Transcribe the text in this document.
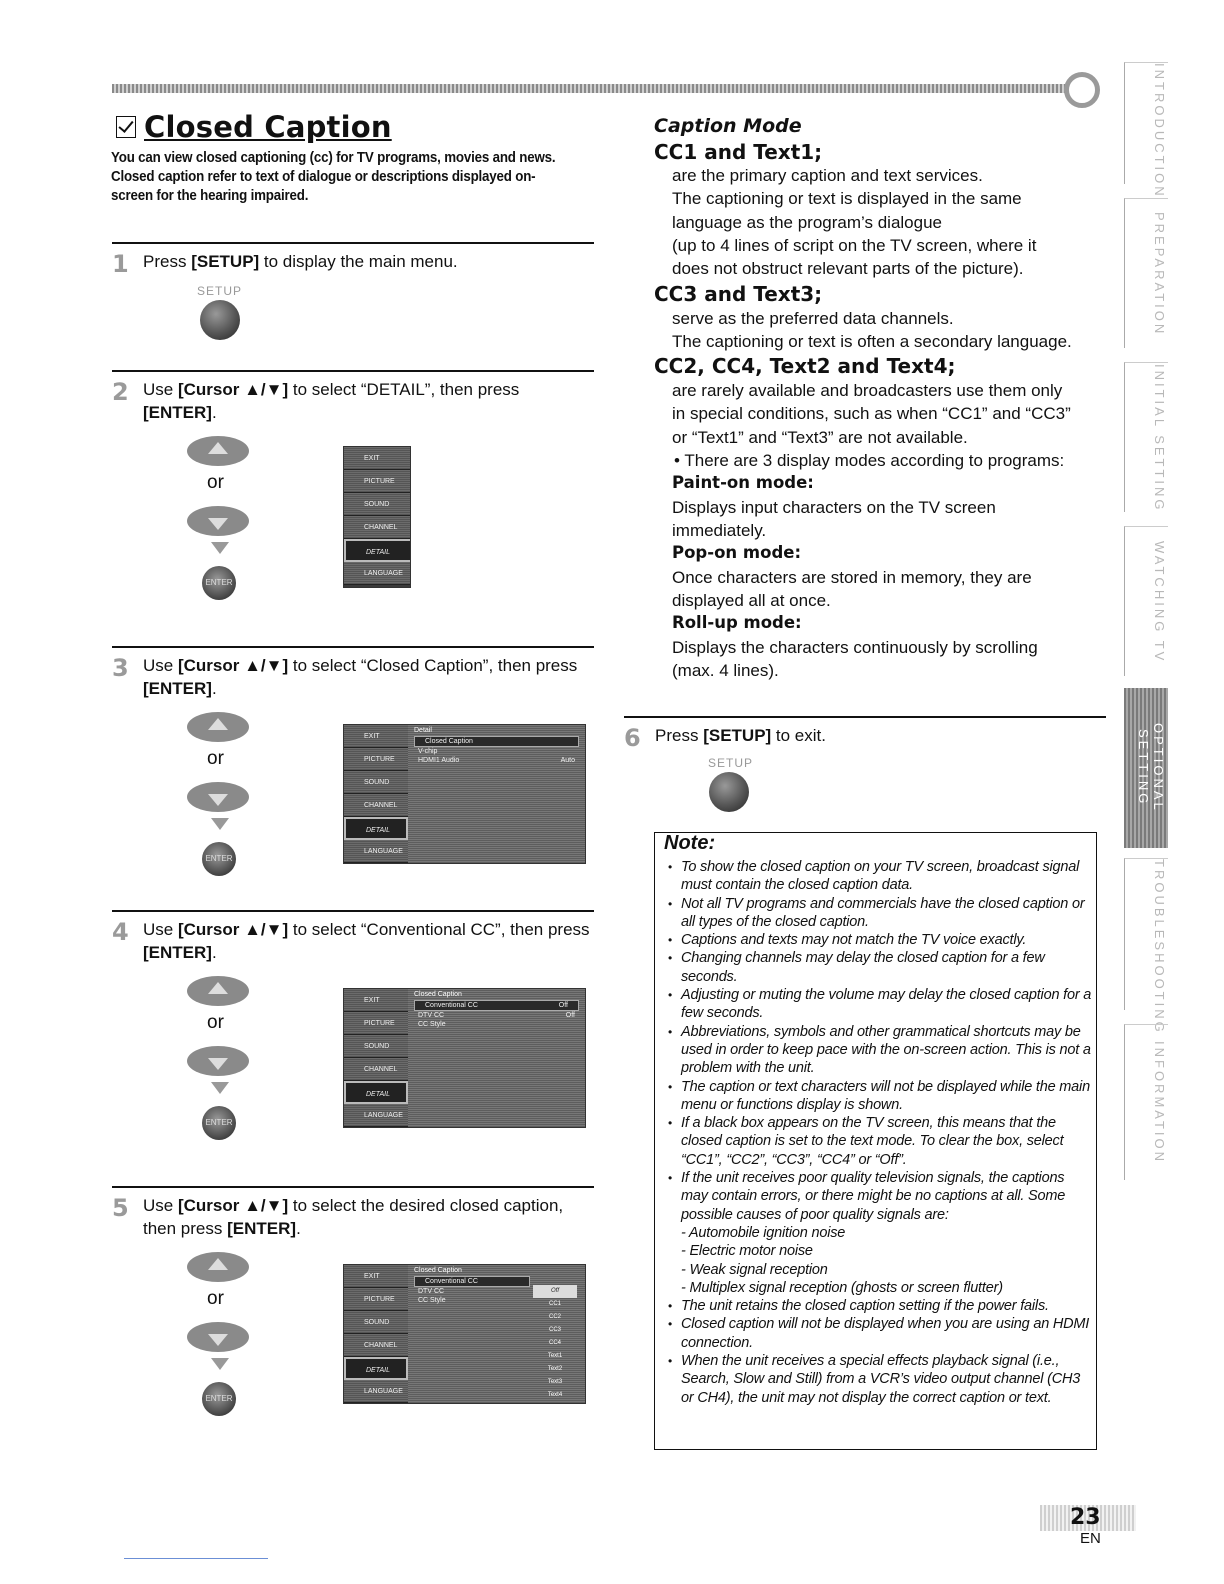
Closed Caption
You can view closed captioning (cc) for TV programs, movies and news. Closed caption refer to text of dialogue or descriptions displayed on-screen for the hearing impaired.
1 Press [SETUP] to display the main menu.
SETUP
2 Use [Cursor ▲/▼] to select “DETAIL”, then press [ENTER].
or
ENTER
EXIT
PICTURE
SOUND
CHANNEL
DETAIL
LANGUAGE
3 Use [Cursor ▲/▼] to select “Closed Caption”, then press [ENTER].
or
ENTER
EXIT
PICTURE
SOUND
CHANNEL
DETAIL
LANGUAGE
Detail
Closed Caption
V-chip
HDMI1 Audio	Auto
4 Use [Cursor ▲/▼] to select “Conventional CC”, then press [ENTER].
or
ENTER
EXIT
PICTURE
SOUND
CHANNEL
DETAIL
LANGUAGE
Closed Caption
Conventional CC	Off
DTV CC	Off
CC Style
5 Use [Cursor ▲/▼] to select the desired closed caption, then press [ENTER].
or
ENTER
EXIT
PICTURE
SOUND
CHANNEL
DETAIL
LANGUAGE
Closed Caption
Conventional CC
DTV CC
CC Style
Off
CC1
CC2
CC3
CC4
Text1
Text2
Text3
Text4
Caption Mode
CC1 and Text1;
are the primary caption and text services.
The captioning or text is displayed in the same
language as the program’s dialogue
(up to 4 lines of script on the TV screen, where it
does not obstruct relevant parts of the picture).
CC3 and Text3;
serve as the preferred data channels.
The captioning or text is often a secondary language.
CC2, CC4, Text2 and Text4;
are rarely available and broadcasters use them only
in special conditions, such as when “CC1” and “CC3”
or “Text1” and “Text3” are not available.
• There are 3 display modes according to programs:
Paint-on mode:
Displays input characters on the TV screen
immediately.
Pop-on mode:
Once characters are stored in memory, they are
displayed all at once.
Roll-up mode:
Displays the characters continuously by scrolling
(max. 4 lines).
6 Press [SETUP] to exit.
SETUP
Note:
• To show the closed caption on your TV screen, broadcast signal must contain the closed caption data.
• Not all TV programs and commercials have the closed caption or all types of the closed caption.
• Captions and texts may not match the TV voice exactly.
• Changing channels may delay the closed caption for a few seconds.
• Adjusting or muting the volume may delay the closed caption for a few seconds.
• Abbreviations, symbols and other grammatical shortcuts may be used in order to keep pace with the on-screen action. This is not a problem with the unit.
• The caption or text characters will not be displayed while the main menu or functions display is shown.
• If a black box appears on the TV screen, this means that the closed caption is set to the text mode. To clear the box, select “CC1”, “CC2”, “CC3”, “CC4” or “Off”.
• If the unit receives poor quality television signals, the captions may contain errors, or there might be no captions at all. Some possible causes of poor quality signals are:
- Automobile ignition noise
- Electric motor noise
- Weak signal reception
- Multiplex signal reception (ghosts or screen flutter)
• The unit retains the closed caption setting if the power fails.
• Closed caption will not be displayed when you are using an HDMI connection.
• When the unit receives a special effects playback signal (i.e., Search, Slow and Still) from a VCR’s video output channel (CH3 or CH4), the unit may not display the correct caption or text.
INTRODUCTION
PREPARATION
INITIAL SETTING
WATCHING TV
OPTIONAL SETTING
TROUBLESHOOTING
INFORMATION
23
EN
